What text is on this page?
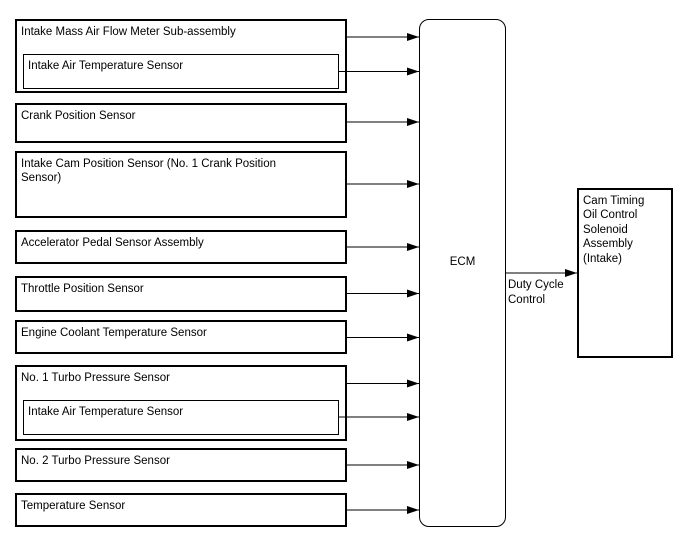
Intake Mass Air Flow Meter Sub-assembly
Intake Air Temperature Sensor
Crank Position Sensor
Intake Cam Position Sensor (No. 1 Crank Position Sensor)
Accelerator Pedal Sensor Assembly
Throttle Position Sensor
Engine Coolant Temperature Sensor
No. 1 Turbo Pressure Sensor
Intake Air Temperature Sensor
No. 2 Turbo Pressure Sensor
Temperature Sensor
ECM
Cam Timing Oil Control Solenoid Assembly (Intake)
Duty Cycle Control
